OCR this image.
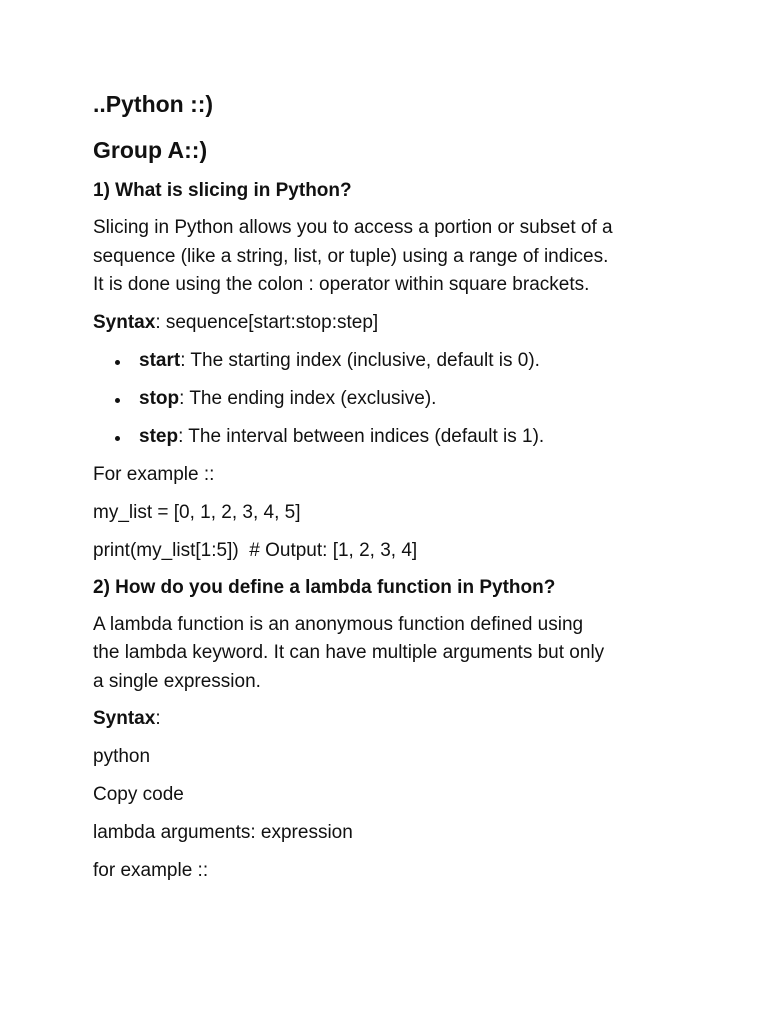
..Python ::)
Group A::)
1) What is slicing in Python?
Slicing in Python allows you to access a portion or subset of a
sequence (like a string, list, or tuple) using a range of indices.
It is done using the colon : operator within square brackets.
Syntax: sequence[start:stop:step]
start: The starting index (inclusive, default is 0).
stop: The ending index (exclusive).
step: The interval between indices (default is 1).
For example ::
my_list = [0, 1, 2, 3, 4, 5]
print(my_list[1:5])  # Output: [1, 2, 3, 4]
2) How do you define a lambda function in Python?
A lambda function is an anonymous function defined using
the lambda keyword. It can have multiple arguments but only
a single expression.
Syntax:
python
Copy code
lambda arguments: expression
for example ::
